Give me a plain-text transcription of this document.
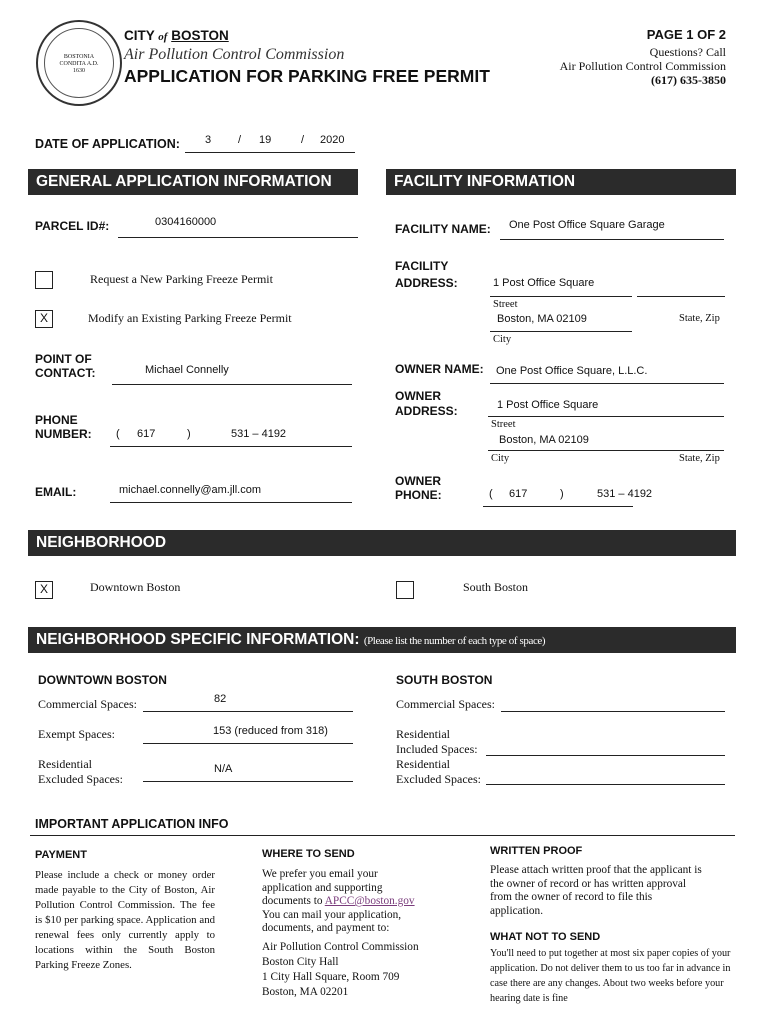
BOSTONIA
CONDITA A.D.
1630
CITY of BOSTON
Air Pollution Control Commission
APPLICATION FOR PARKING FREE PERMIT
PAGE 1 OF 2
Questions? Call
Air Pollution Control Commission
(617) 635-3850
DATE OF APPLICATION: 3 / 19	/ 2020
GENERAL APPLICATION INFORMATION	FACILITY INFORMATION
PARCEL ID#:	0304160000
Request a New Parking Freeze Permit
X	Modify an Existing Parking Freeze Permit
POINT OF
CONTACT:	Michael Connelly
PHONE
NUMBER: ( 617	)	531 – 4192
EMAIL:	michael.connelly@am.jll.com
FACILITY NAME: One Post Office Square Garage
FACILITY
ADDRESS:	1 Post Office Square
Street
Boston, MA 02109	State, Zip
City
OWNER NAME: One Post Office Square, L.L.C.
OWNER
ADDRESS:	1 Post Office Square
Street
Boston, MA 02109
City	State, Zip
OWNER
PHONE:	( 617	)	531 – 4192
NEIGHBORHOOD
X	Downtown Boston	South Boston
NEIGHBORHOOD SPECIFIC INFORMATION: (Please list the number of each type of space)
DOWNTOWN BOSTON
Commercial Spaces:	82
Exempt Spaces:	153 (reduced from 318)
Residential
Excluded Spaces:
N/A
SOUTH BOSTON
Commercial Spaces:
Residential
Included Spaces:
Residential
Excluded Spaces:
IMPORTANT APPLICATION INFO
PAYMENT
Please include a check or money order made payable to the City of Boston, Air Pollution Control Commission. The fee is $10 per parking space. Application and renewal fees only currently apply to locations within the South Boston Parking Freeze Zones.
WHERE TO SEND
We prefer you email your
application and supporting
documents to APCC@boston.gov
You can mail your application,
documents, and payment to:
Air Pollution Control Commission
Boston City Hall
1 City Hall Square, Room 709
Boston, MA 02201
WRITTEN PROOF
Please attach written proof that the applicant is the owner of record or has written approval from the owner of record to file this application.
WHAT NOT TO SEND
You'll need to put together at most six paper copies of your application. Do not deliver them to us too far in advance in case there are any changes. About two weeks before your hearing date is fine
